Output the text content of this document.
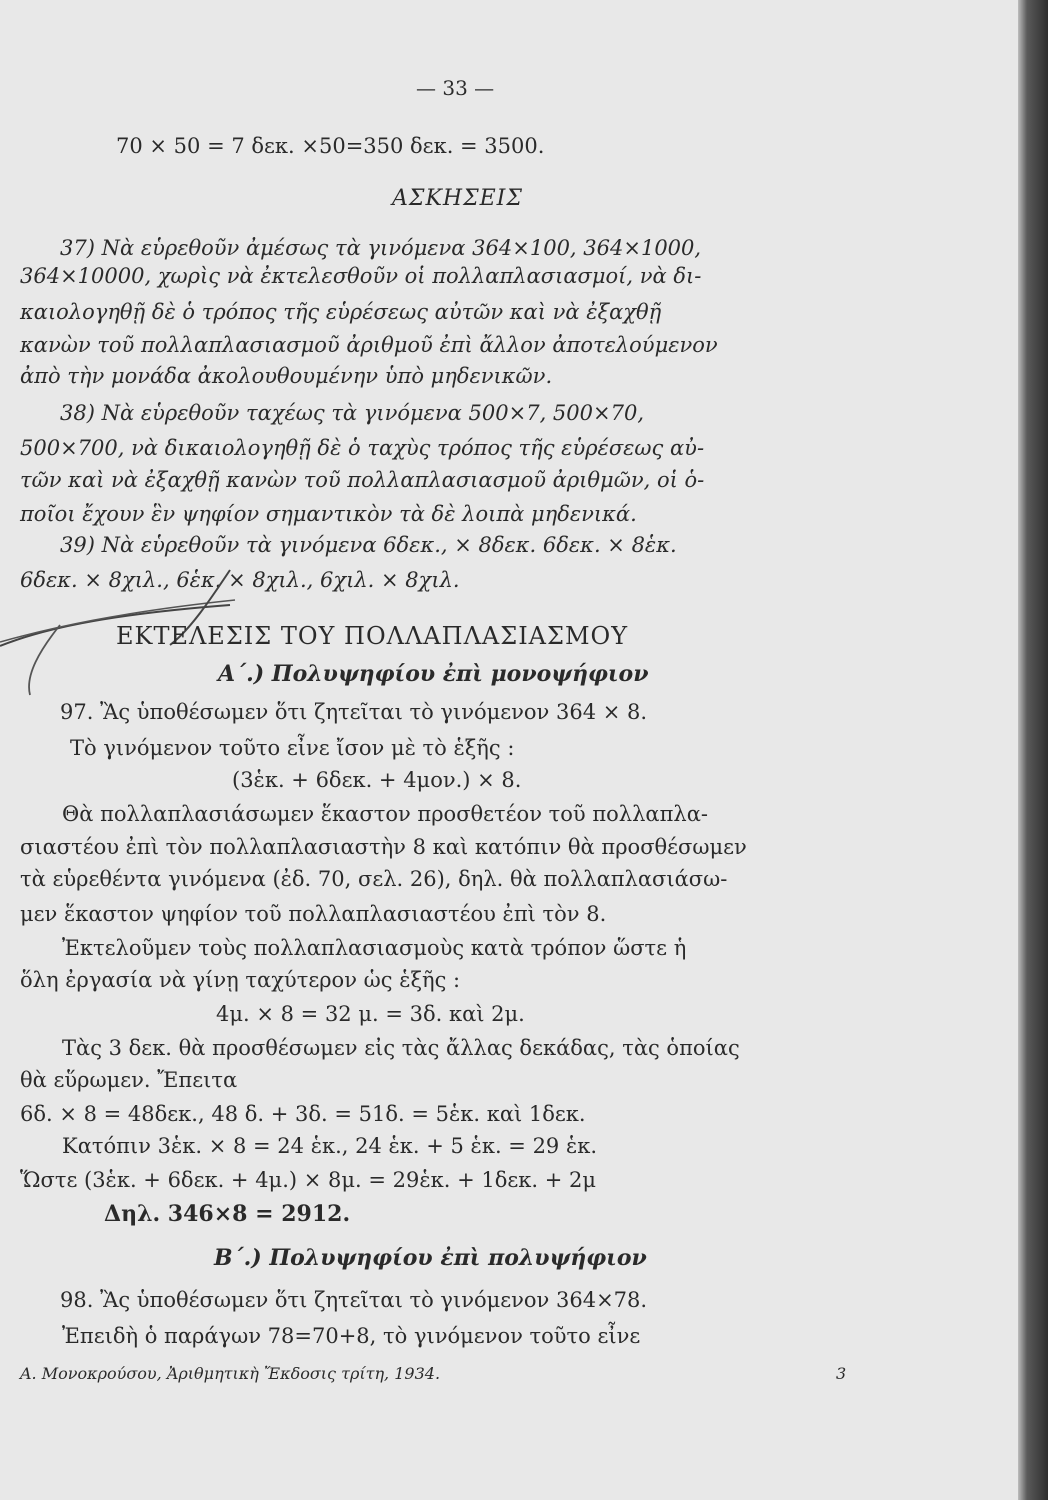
— 33 —
70 × 50 = 7 δεκ. ×50=350 δεκ. = 3500.
ΑΣΚΗΣΕΙΣ
37) Νὰ εὑρεθοῦν ἀμέσως τὰ γινόμενα 364×100, 364×1000,
364×10000, χωρὶς νὰ ἐκτελεσθοῦν οἱ πολλαπλασιασμοί, νὰ δι-
καιολογηθῇ δὲ ὁ τρόπος τῆς εὑρέσεως αὐτῶν καὶ νὰ ἐξαχθῇ
κανὼν τοῦ πολλαπλασιασμοῦ ἀριθμοῦ ἐπὶ ἄλλον ἀποτελούμενον
ἀπὸ τὴν μονάδα ἀκολουθουμένην ὑπὸ μηδενικῶν.
38) Νὰ εὑρεθοῦν ταχέως τὰ γινόμενα 500×7, 500×70,
500×700, νὰ δικαιολογηθῇ δὲ ὁ ταχὺς τρόπος τῆς εὑρέσεως αὐ-
τῶν καὶ νὰ ἐξαχθῇ κανὼν τοῦ πολλαπλασιασμοῦ ἀριθμῶν, οἱ ὁ-
ποῖοι ἔχουν ἓν ψηφίον σημαντικὸν τὰ δὲ λοιπὰ μηδενικά.
39) Νὰ εὑρεθοῦν τὰ γινόμενα 6δεκ., × 8δεκ. 6δεκ. × 8ἑκ.
6δεκ. × 8χιλ., 6ἑκ. × 8χιλ., 6χιλ. × 8χιλ.
ΕΚΤΕΛΕΣΙΣ ΤΟΥ ΠΟΛΛΑΠΛΑΣΙΑΣΜΟΥ
Α΄.) Πολυψηφίου ἐπὶ μονοψήφιον
97. Ἂς ὑποθέσωμεν ὅτι ζητεῖται τὸ γινόμενον 364 × 8.
Τὸ γινόμενον τοῦτο εἶνε ἴσον μὲ τὸ ἑξῆς :
(3ἑκ. + 6δεκ. + 4μον.) × 8.
Θὰ πολλαπλασιάσωμεν ἕκαστον προσθετέον τοῦ πολλαπλα-
σιαστέου ἐπὶ τὸν πολλαπλασιαστὴν 8 καὶ κατόπιν θὰ προσθέσωμεν
τὰ εὑρεθέντα γινόμενα (ἐδ. 70, σελ. 26), δηλ. θὰ πολλαπλασιάσω-
μεν ἕκαστον ψηφίον τοῦ πολλαπλασιαστέου ἐπὶ τὸν 8.
Ἐκτελοῦμεν τοὺς πολλαπλασιασμοὺς κατὰ τρόπον ὥστε ἡ
ὅλη ἐργασία νὰ γίνῃ ταχύτερον ὡς ἑξῆς :
4μ. × 8 = 32 μ. = 3δ. καὶ 2μ.
Τὰς 3 δεκ. θὰ προσθέσωμεν εἰς τὰς ἄλλας δεκάδας, τὰς ὁποίας
θὰ εὕρωμεν. Ἔπειτα
6δ. × 8 = 48δεκ., 48 δ. + 3δ. = 51δ. = 5ἑκ. καὶ 1δεκ.
Κατόπιν 3ἑκ. × 8 = 24 ἑκ., 24 ἑκ. + 5 ἑκ. = 29 ἑκ.
Ὥστε (3ἑκ. + 6δεκ. + 4μ.) × 8μ. = 29ἑκ. + 1δεκ. + 2μ
Δηλ. 346×8 = 2912.
Β΄.) Πολυψηφίου ἐπὶ πολυψήφιον
98. Ἂς ὑποθέσωμεν ὅτι ζητεῖται τὸ γινόμενον 364×78.
Ἐπειδὴ ὁ παράγων 78=70+8, τὸ γινόμενον τοῦτο εἶνε
Α. Μονοκρούσου, Ἀριθμητικὴ Ἔκδοσις τρίτη, 1934.	3
